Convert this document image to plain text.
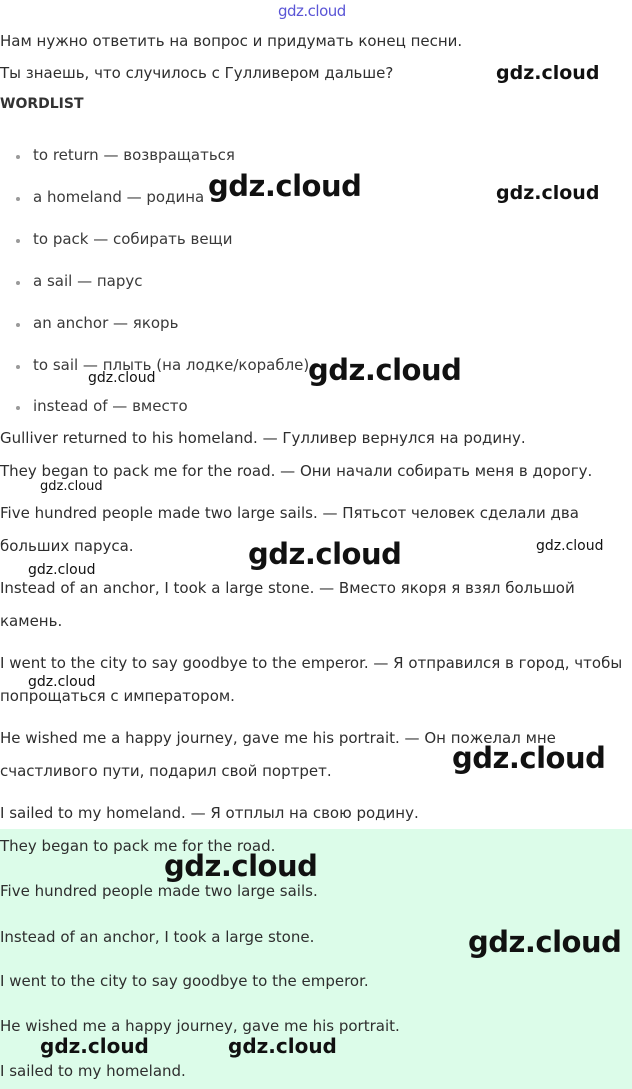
Нам нужно ответить на вопрос и придумать конец песни.
Ты знаешь, что случилось с Гулливером дальше?
WORDLIST
to return — возвращаться
a homeland — родина
to pack — собирать вещи
a sail — парус
an anchor — якорь
to sail — плыть (на лодке/корабле)
instead of — вместо
Gulliver returned to his homeland. — Гулливер вернулся на родину.
They began to pack me for the road. — Они начали собирать меня в дорогу.
Five hundred people made two large sails. — Пятьсот человек сделали два
больших паруса.
Instead of an anchor, I took a large stone. — Вместо якоря я взял большой
камень.
I went to the city to say goodbye to the emperor. — Я отправился в город, чтобы
попрощаться с императором.
He wished me a happy journey, gave me his portrait. — Он пожелал мне
счастливого пути, подарил свой портрет.
I sailed to my homeland. — Я отплыл на свою родину.
They began to pack me for the road.
Five hundred people made two large sails.
Instead of an anchor, I took a large stone.
I went to the city to say goodbye to the emperor.
He wished me a happy journey, gave me his portrait.
I sailed to my homeland.
gdz.cloud
gdz.cloud
gdz.cloud	gdz.cloud
gdz.cloud
gdz.cloud
gdz.cloud
gdz.cloud	gdz.cloud
gdz.cloud
gdz.cloud
gdz.cloud
gdz.cloud
gdz.cloud
gdz.cloud	gdz.cloud
